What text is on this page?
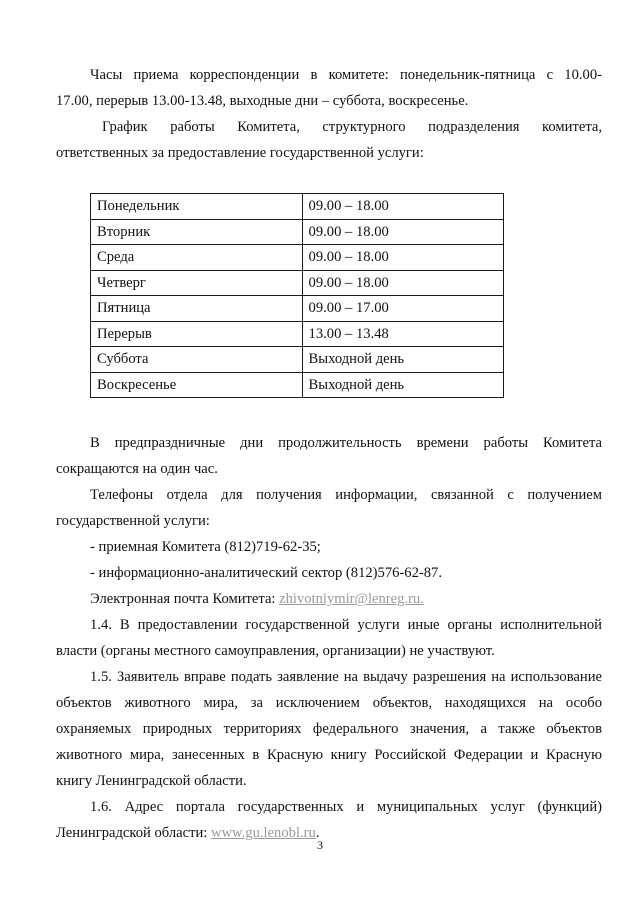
Часы приема корреспонденции в комитете: понедельник-пятница с 10.00-
17.00, перерыв 13.00-13.48, выходные дни – суббота, воскресенье.

График работы Комитета, структурного подразделения комитета,
ответственных за предоставление государственной услуги:

Понедельник	09.00 – 18.00
Вторник	09.00 – 18.00
Среда	09.00 – 18.00
Четверг	09.00 – 18.00
Пятница	09.00 – 17.00
Перерыв	13.00 – 13.48
Суббота	Выходной день
Воскресенье	Выходной день

В предпраздничные дни продолжительность времени работы Комитета
сокращаются на один час.

Телефоны отдела для получения информации, связанной с получением
государственной услуги:

- приемная Комитета (812)719-62-35;

- информационно-аналитический сектор (812)576-62-87.

Электронная почта Комитета: zhivotniymir@lenreg.ru.

1.4. В предоставлении государственной услуги иные органы исполнительной
власти (органы местного самоуправления, организации) не участвуют.

1.5. Заявитель вправе подать заявление на выдачу разрешения на использование
объектов животного мира, за исключением объектов, находящихся на особо
охраняемых природных территориях федерального значения, а также объектов
животного мира, занесенных в Красную книгу Российской Федерации и Красную
книгу Ленинградской области.

1.6. Адрес портала государственных и муниципальных услуг (функций)
Ленинградской области: www.gu.lenobl.ru.

3
